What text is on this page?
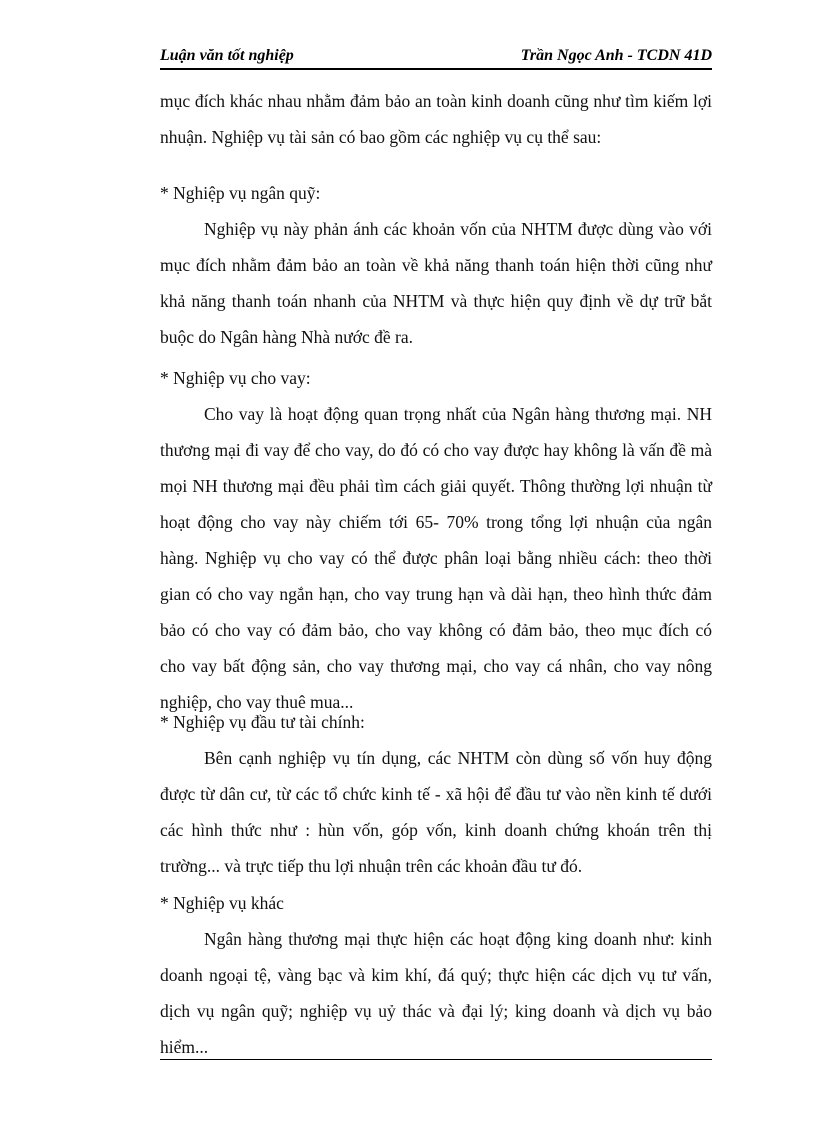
Luận văn tốt nghiệp	Trần Ngọc Anh - TCDN 41D
mục đích khác nhau nhằm đảm bảo an toàn kinh doanh cũng như tìm kiếm lợi
nhuận. Nghiệp vụ tài sản có bao gồm các nghiệp vụ cụ thể sau:
* Nghiệp vụ ngân quỹ:
Nghiệp vụ này phản ánh các khoản vốn của NHTM được dùng vào với
mục đích nhằm đảm bảo an toàn về khả năng thanh toán hiện thời cũng như
khả năng thanh toán nhanh của NHTM và thực hiện quy định về dự trữ bắt
buộc do Ngân hàng Nhà nước đề ra.
* Nghiệp vụ cho vay:
Cho vay là hoạt động quan trọng nhất của Ngân hàng thương mại. NH
thương mại đi vay để cho vay, do đó có cho vay được hay không là vấn đề mà
mọi NH thương mại đều phải tìm cách giải quyết. Thông thường lợi nhuận từ
hoạt động cho vay này chiếm tới 65- 70% trong tổng lợi nhuận của ngân
hàng. Nghiệp vụ cho vay có thể được phân loại bằng nhiều cách: theo thời
gian có cho vay ngắn hạn, cho vay trung hạn và dài hạn, theo hình thức đảm
bảo có cho vay có đảm bảo, cho vay không có đảm bảo, theo mục đích có
cho vay bất động sản, cho vay thương mại, cho vay cá nhân, cho vay nông
nghiệp, cho vay thuê mua...
* Nghiệp vụ đầu tư tài chính:
Bên cạnh nghiệp vụ tín dụng, các NHTM còn dùng số vốn huy động
được từ dân cư, từ các tổ chức kinh tế - xã hội để đầu tư vào nền kinh tế dưới
các hình thức như : hùn vốn, góp vốn, kinh doanh chứng khoán trên thị
trường... và trực tiếp thu lợi nhuận trên các khoản đầu tư đó.
* Nghiệp vụ khác
Ngân hàng thương mại thực hiện các hoạt động king doanh như: kinh
doanh ngoại tệ, vàng bạc và kim khí, đá quý; thực hiện các dịch vụ tư vấn,
dịch vụ ngân quỹ; nghiệp vụ uỷ thác và đại lý; king doanh và dịch vụ bảo
hiểm...
